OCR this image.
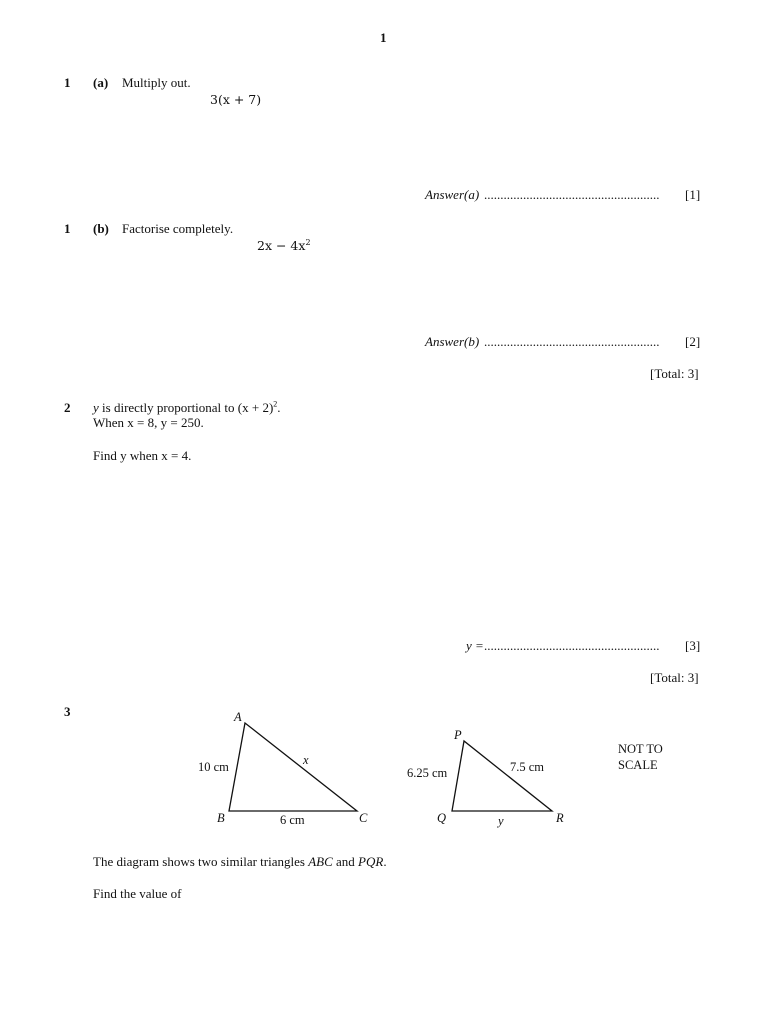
1
1 (a) Multiply out.
3(x + 7)
Answer(a) ...................................................... [1]
1 (b) Factorise completely.
$2x - 4x^2$
Answer(b) ...................................................... [2]
[Total: 3]
2 y is directly proportional to $(x + 2)^2$.
When x = 8, y = 250.
Find y when x = 4.
y = ...................................................... [3]
[Total: 3]
3	A
B	C
10 cm
6 cm
x
P
Q	R
6.25 cm	7.5 cm
y
NOT TO
SCALE
The diagram shows two similar triangles ABC and PQR.
Find the value of
